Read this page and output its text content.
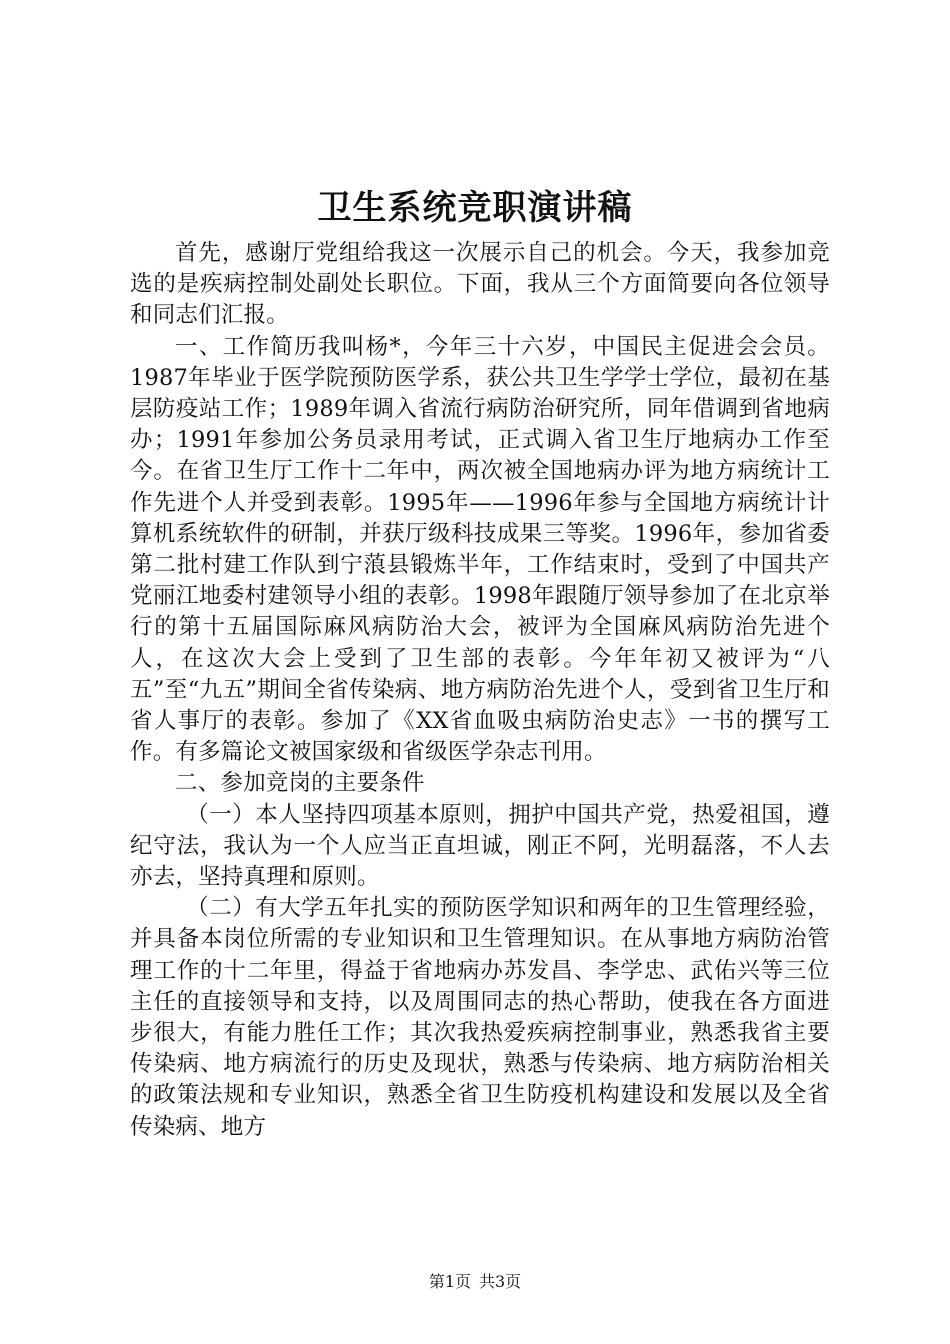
卫生系统竞职演讲稿

首先，感谢厅党组给我这一次展示自己的机会。今天，我参加竞选的是疾病控制处副处长职位。下面，我从三个方面简要向各位领导和同志们汇报。

一、工作简历我叫杨*，今年三十六岁，中国民主促进会会员。1987年毕业于医学院预防医学系，获公共卫生学学士学位，最初在基层防疫站工作；1989年调入省流行病防治研究所，同年借调到省地病办；1991年参加公务员录用考试，正式调入省卫生厅地病办工作至今。在省卫生厅工作十二年中，两次被全国地病办评为地方病统计工作先进个人并受到表彰。1995年——1996年参与全国地方病统计计算机系统软件的研制，并获厅级科技成果三等奖。1996年，参加省委第二批村建工作队到宁蒗县锻炼半年，工作结束时，受到了中国共产党丽江地委村建领导小组的表彰。1998年跟随厅领导参加了在北京举行的第十五届国际麻风病防治大会，被评为全国麻风病防治先进个人，在这次大会上受到了卫生部的表彰。今年年初又被评为“八五”至“九五”期间全省传染病、地方病防治先进个人，受到省卫生厅和省人事厅的表彰。参加了《XX省血吸虫病防治史志》一书的撰写工作。有多篇论文被国家级和省级医学杂志刊用。

二、参加竞岗的主要条件

（一）本人坚持四项基本原则，拥护中国共产党，热爱祖国，遵纪守法，我认为一个人应当正直坦诚，刚正不阿，光明磊落，不人去亦去，坚持真理和原则。

（二）有大学五年扎实的预防医学知识和两年的卫生管理经验，并具备本岗位所需的专业知识和卫生管理知识。在从事地方病防治管理工作的十二年里，得益于省地病办苏发昌、李学忠、武佑兴等三位主任的直接领导和支持，以及周围同志的热心帮助，使我在各方面进步很大，有能力胜任工作；其次我热爱疾病控制事业，熟悉我省主要传染病、地方病流行的历史及现状，熟悉与传染病、地方病防治相关的政策法规和专业知识，熟悉全省卫生防疫机构建设和发展以及全省传染病、地方

第1页 共3页
